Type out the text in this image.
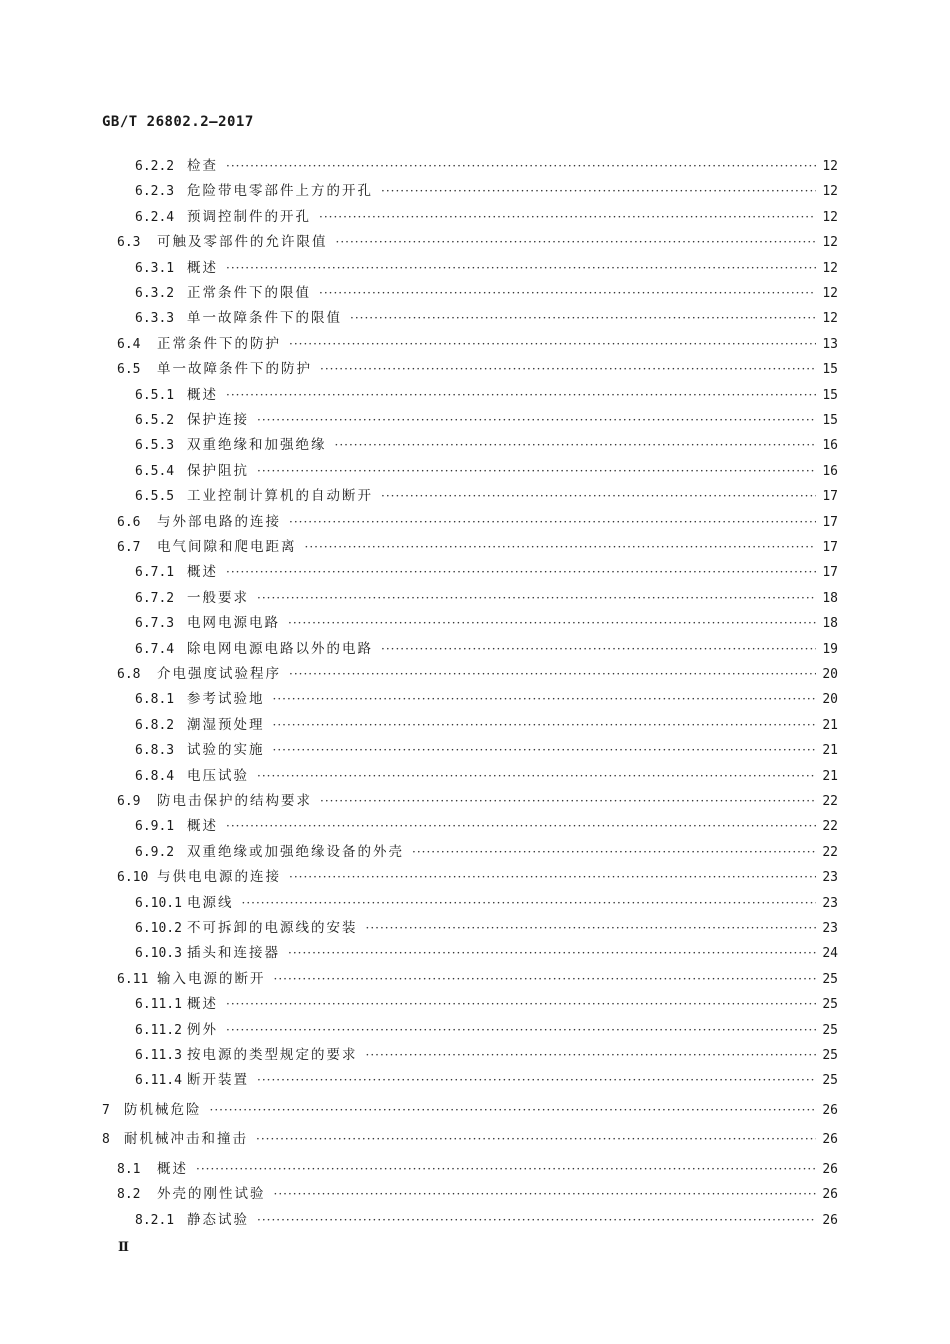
GB/T 26802.2—2017
6.2.2 检查 ·····	12
6.2.3 危险带电零部件上方的开孔 ·····	12
6.2.4 预调控制件的开孔 ·····	12
6.3	可触及零部件的允许限值 ·····	12
6.3.1 概述 ·····	12
6.3.2 正常条件下的限值 ·····	12
6.3.3 单一故障条件下的限值 ·····	12
6.4	正常条件下的防护 ·····	13
6.5	单一故障条件下的防护 ·····	15
6.5.1 概述 ·····	15
6.5.2 保护连接 ·····	15
6.5.3 双重绝缘和加强绝缘 ·····	16
6.5.4 保护阻抗 ·····	16
6.5.5 工业控制计算机的自动断开 ·····	17
6.6	与外部电路的连接 ·····	17
6.7	电气间隙和爬电距离 ·····	17
6.7.1 概述 ·····	17
6.7.2 一般要求 ·····	18
6.7.3 电网电源电路 ·····	18
6.7.4 除电网电源电路以外的电路 ·····	19
6.8	介电强度试验程序 ·····	20
6.8.1 参考试验地 ·····	20
6.8.2 潮湿预处理 ·····	21
6.8.3 试验的实施 ·····	21
6.8.4 电压试验 ·····	21
6.9	防电击保护的结构要求 ·····	22
6.9.1 概述 ·····	22
6.9.2 双重绝缘或加强绝缘设备的外壳 ·····	22
6.10 与供电电源的连接 ·····	23
6.10.1 电源线 ·····	23
6.10.2 不可拆卸的电源线的安装 ·····	23
6.10.3 插头和连接器 ·····	24
6.11 输入电源的断开 ·····	25
6.11.1 概述 ·····	25
6.11.2 例外 ·····	25
6.11.3 按电源的类型规定的要求 ·····	25
6.11.4 断开装置 ·····	25
7	防机械危险 ·····	26
8	耐机械冲击和撞击 ·····	26
8.1	概述 ·····	26
8.2	外壳的刚性试验 ·····	26
8.2.1 静态试验 ·····	26
Ⅱ
